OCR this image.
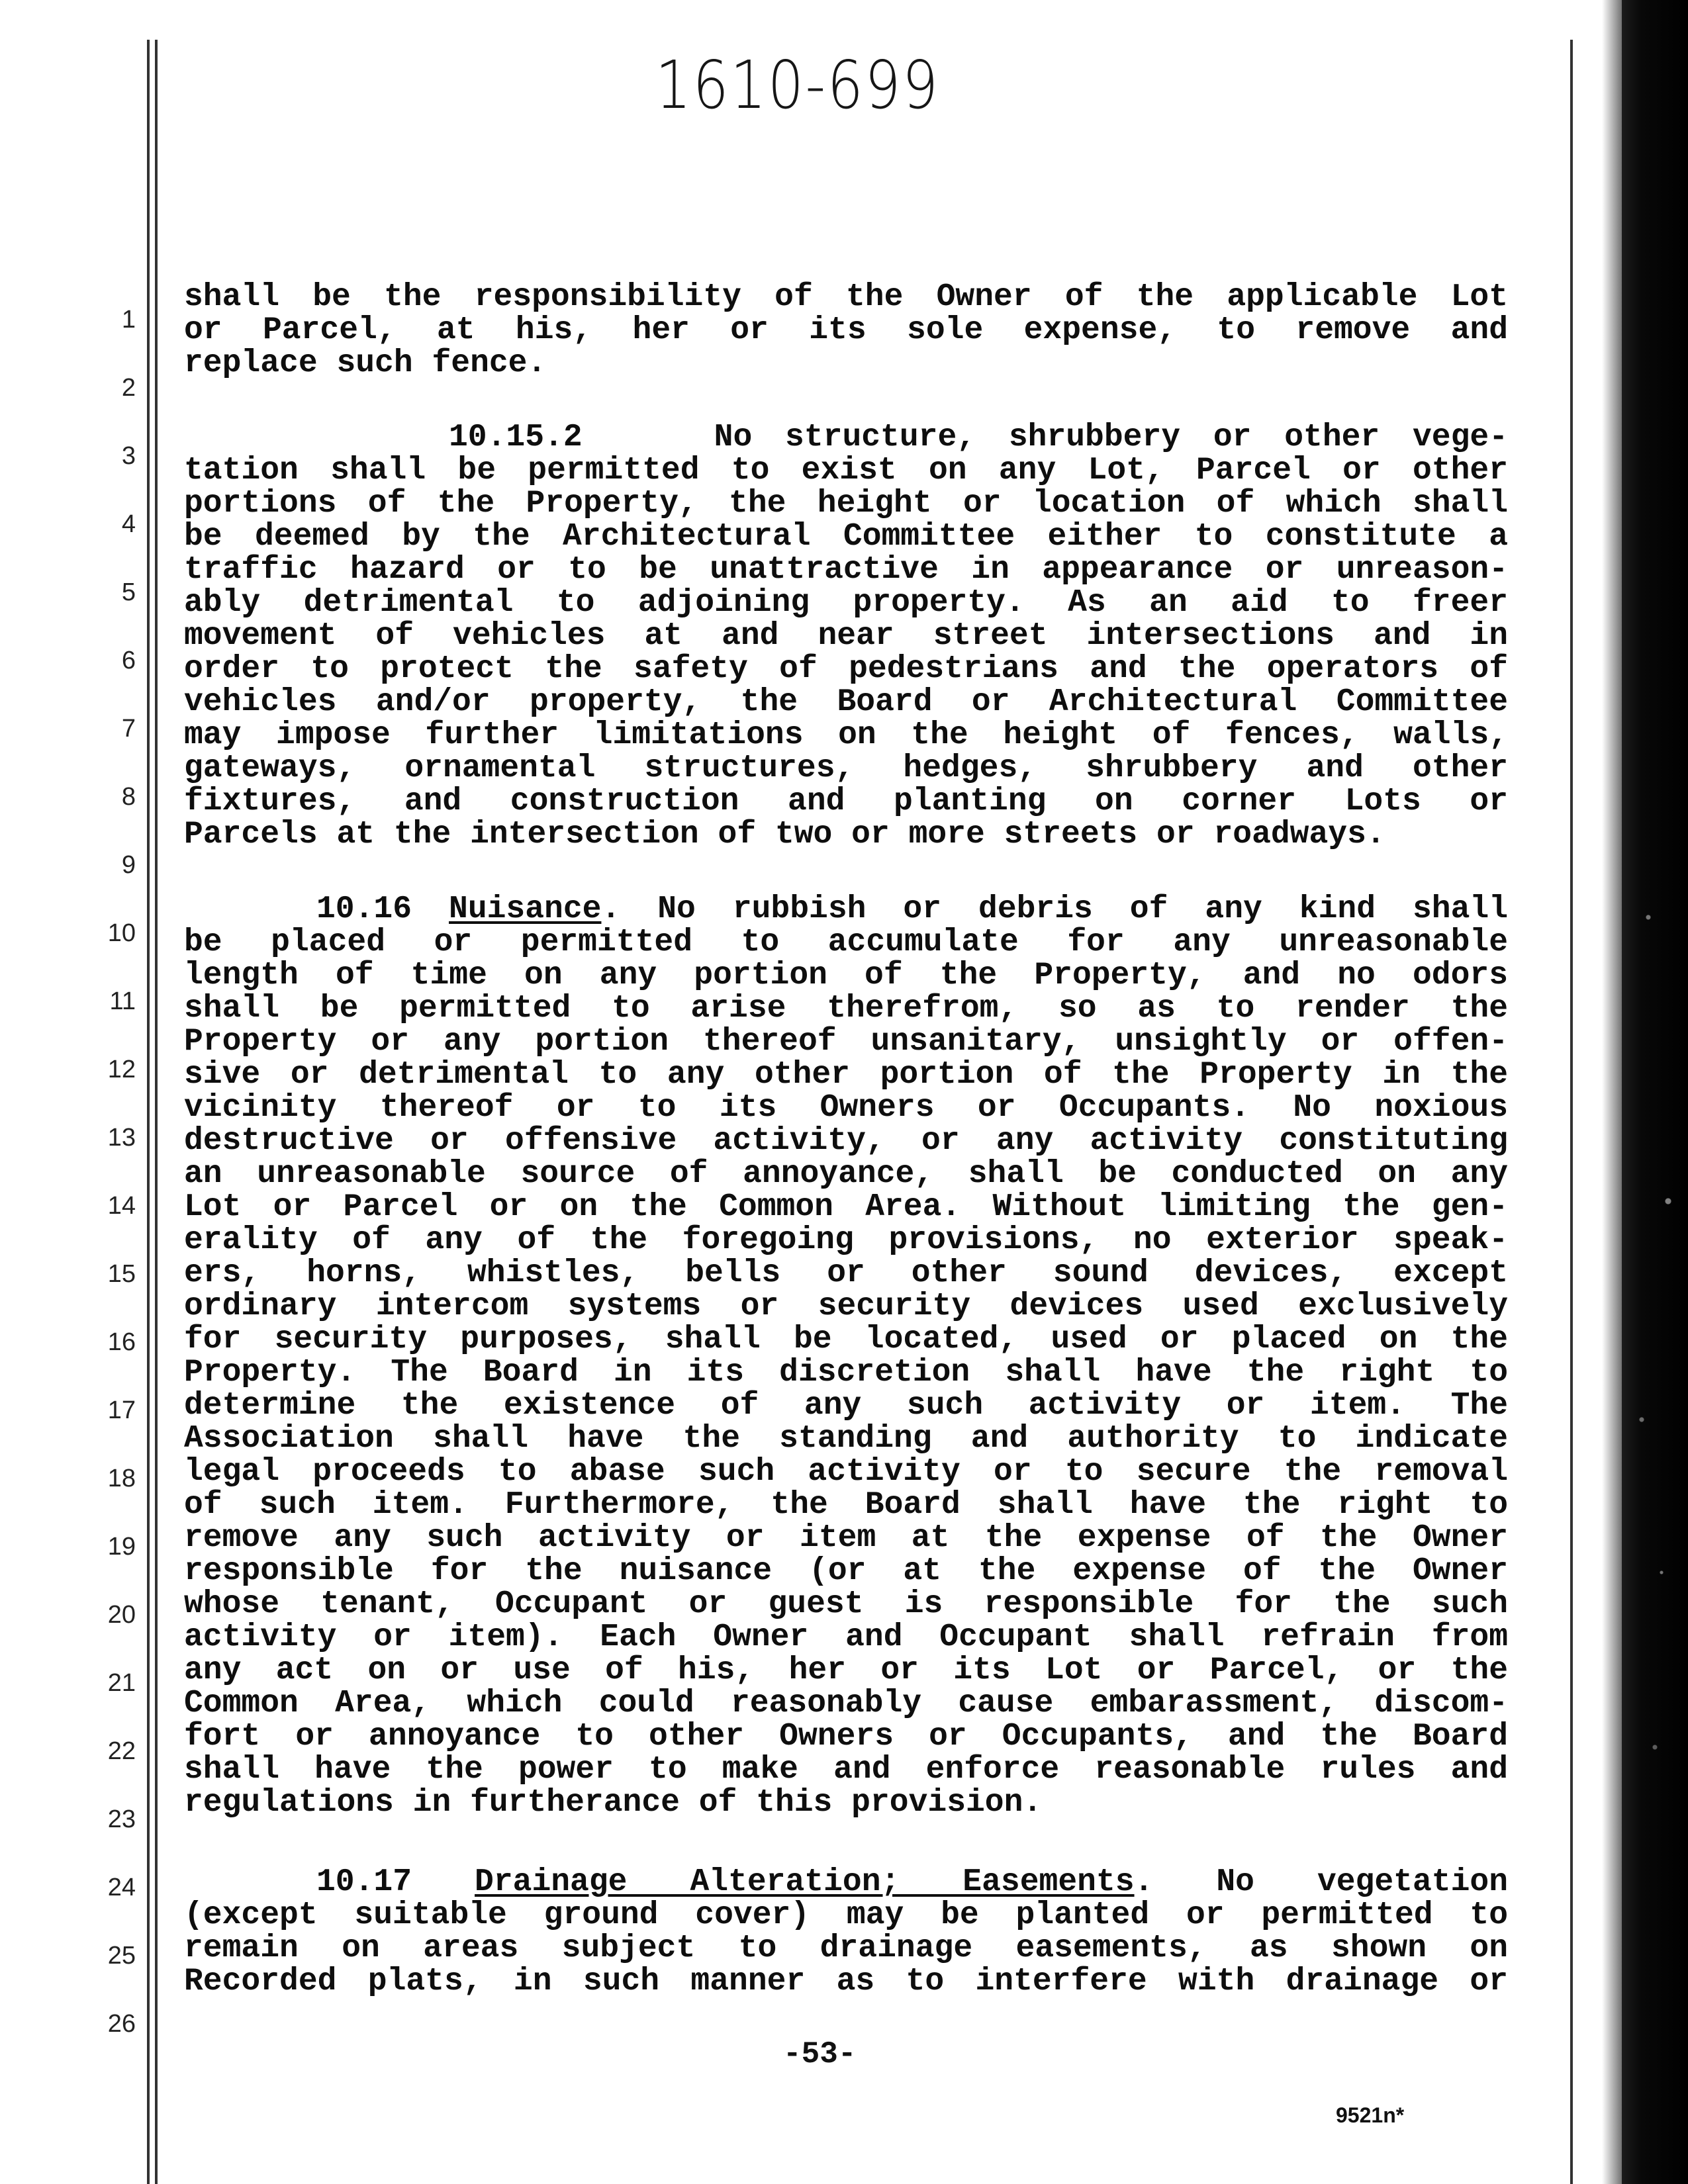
1610-699
1
2
3
4
5
6
7
8
9
10
11
12
13
14
15
16
17
18
19
20
21
22
23
24
25
26
shall be the responsibility of the Owner of the applicable Lot
or Parcel, at his, her or its sole expense, to remove and
replace such fence.
10.15.2	No structure, shrubbery or other vege-
tation shall be permitted to exist on any Lot, Parcel or other
portions of the Property, the height or location of which shall
be deemed by the Architectural Committee either to constitute a
traffic hazard or to be unattractive in appearance or unreason-
ably detrimental to adjoining property. As an aid to freer
movement of vehicles at and near street intersections and in
order to protect the safety of pedestrians and the operators of
vehicles and/or property, the Board or Architectural Committee
may impose further limitations on the height of fences, walls,
gateways, ornamental structures, hedges, shrubbery and other
fixtures, and construction and planting on corner Lots or
Parcels at the intersection of two or more streets or roadways.
10.16 Nuisance. No rubbish or debris of any kind shall
be placed or permitted to accumulate for any unreasonable
length of time on any portion of the Property, and no odors
shall be permitted to arise therefrom, so as to render the
Property or any portion thereof unsanitary, unsightly or offen-
sive or detrimental to any other portion of the Property in the
vicinity thereof or to its Owners or Occupants. No noxious
destructive or offensive activity, or any activity constituting
an unreasonable source of annoyance, shall be conducted on any
Lot or Parcel or on the Common Area. Without limiting the gen-
erality of any of the foregoing provisions, no exterior speak-
ers, horns, whistles, bells or other sound devices, except
ordinary intercom systems or security devices used exclusively
for security purposes, shall be located, used or placed on the
Property. The Board in its discretion shall have the right to
determine the existence of any such activity or item. The
Association shall have the standing and authority to indicate
legal proceeds to abase such activity or to secure the removal
of such item. Furthermore, the Board shall have the right to
remove any such activity or item at the expense of the Owner
responsible for the nuisance (or at the expense of the Owner
whose tenant, Occupant or guest is responsible for the such
activity or item). Each Owner and Occupant shall refrain from
any act on or use of his, her or its Lot or Parcel, or the
Common Area, which could reasonably cause embarassment, discom-
fort or annoyance to other Owners or Occupants, and the Board
shall have the power to make and enforce reasonable rules and
regulations in furtherance of this provision.
10.17 Drainage Alteration; Easements. No vegetation
(except suitable ground cover) may be planted or permitted to
remain on areas subject to drainage easements, as shown on
Recorded plats, in such manner as to interfere with drainage or
-53-
9521n*
